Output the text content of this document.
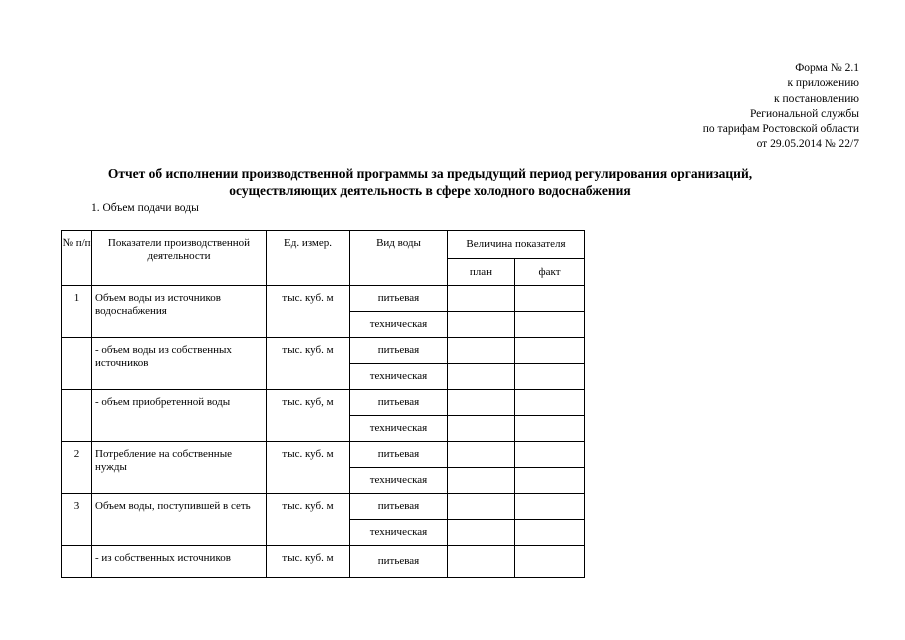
Форма № 2.1
к приложению
к постановлению
Региональной службы
по тарифам Ростовской области
от 29.05.2014 № 22/7
Отчет об исполнении производственной программы за предыдущий период регулирования организаций,
осуществляющих деятельность в сфере холодного водоснабжения
1. Объем подачи воды
№ п/п	Показатели производственной деятельности	Ед. измер.	Вид воды	Величина показателя	
				план	факт
1	Объем воды из источников водоснабжения	тыс. куб. м	питьевая		
			техническая		
	- объем воды из собственных источников	тыс. куб. м	питьевая		
			техническая		
	- объем приобретенной воды	тыс. куб, м	питьевая		
			техническая		
2	Потребление на собственные нужды	тыс. куб. м	питьевая		
			техническая		
3	Объем воды, поступившей в сеть	тыс. куб. м	питьевая		
			техническая		
	- из собственных источников	тыс. куб. м	питьевая		
